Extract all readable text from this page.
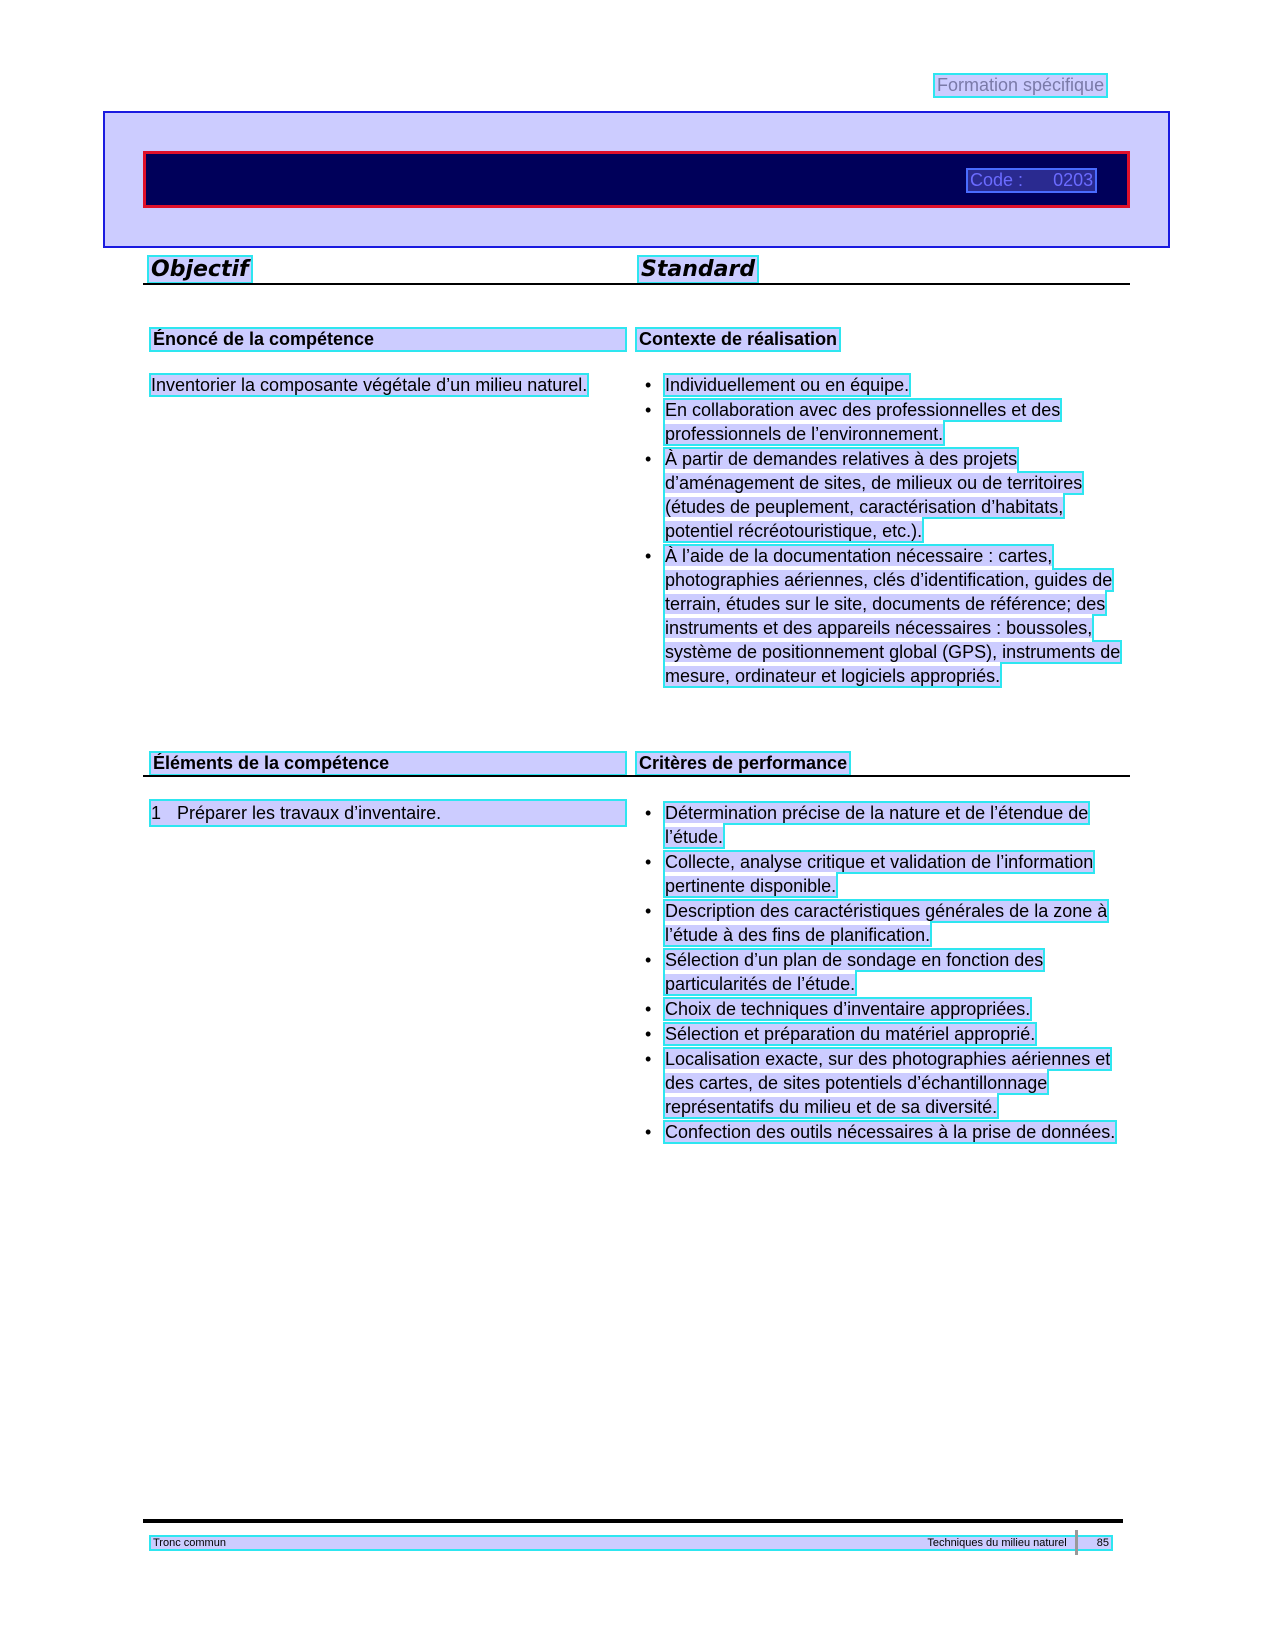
Formation spécifique
Code : 0203
Objectif	Standard
Énoncé de la compétence	Contexte de réalisation
Inventorier la composante végétale d’un milieu naturel.	• Individuellement ou en équipe.
• En collaboration avec des professionnelles et des professionnels de l’environnement.
• À partir de demandes relatives à des projets d’aménagement de sites, de milieux ou de territoires (études de peuplement, caractérisation d’habitats, potentiel récréotouristique, etc.).
• À l’aide de la documentation nécessaire : cartes, photographies aériennes, clés d’identification, guides de terrain, études sur le site, documents de référence; des instruments et des appareils nécessaires : boussoles, système de positionnement global (GPS), instruments de mesure, ordinateur et logiciels appropriés.
Éléments de la compétence	Critères de performance
1 Préparer les travaux d’inventaire.	• Détermination précise de la nature et de l’étendue de l’étude.
• Collecte, analyse critique et validation de l’information pertinente disponible.
• Description des caractéristiques générales de la zone à l’étude à des fins de planification.
• Sélection d’un plan de sondage en fonction des particularités de l’étude.
• Choix de techniques d’inventaire appropriées.
• Sélection et préparation du matériel approprié.
• Localisation exacte, sur des photographies aériennes et des cartes, de sites potentiels d’échantillonnage représentatifs du milieu et de sa diversité.
• Confection des outils nécessaires à la prise de données.
Tronc commun	Techniques du milieu naturel	85
